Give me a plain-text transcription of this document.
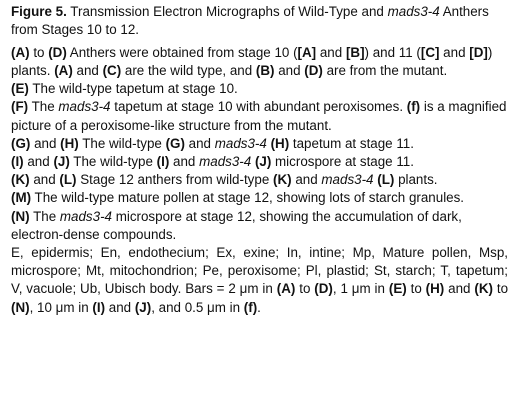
Figure 5. Transmission Electron Micrographs of Wild-Type and mads3-4 Anthers from Stages 10 to 12.

(A) to (D) Anthers were obtained from stage 10 ([A] and [B]) and 11 ([C] and [D]) plants. (A) and (C) are the wild type, and (B) and (D) are from the mutant.

(E) The wild-type tapetum at stage 10.

(F) The mads3-4 tapetum at stage 10 with abundant peroxisomes. (f) is a magnified picture of a peroxisome-like structure from the mutant.

(G) and (H) The wild-type (G) and mads3-4 (H) tapetum at stage 11.

(I) and (J) The wild-type (I) and mads3-4 (J) microspore at stage 11.

(K) and (L) Stage 12 anthers from wild-type (K) and mads3-4 (L) plants.

(M) The wild-type mature pollen at stage 12, showing lots of starch granules.

(N) The mads3-4 microspore at stage 12, showing the accumulation of dark, electron-dense compounds.

E, epidermis; En, endothecium; Ex, exine; In, intine; Mp, Mature pollen, Msp, microspore; Mt, mitochondrion; Pe, peroxisome; Pl, plastid; St, starch; T, tapetum; V, vacuole; Ub, Ubisch body. Bars = 2 μm in (A) to (D), 1 μm in (E) to (H) and (K) to (N), 10 μm in (I) and (J), and 0.5 μm in (f).
